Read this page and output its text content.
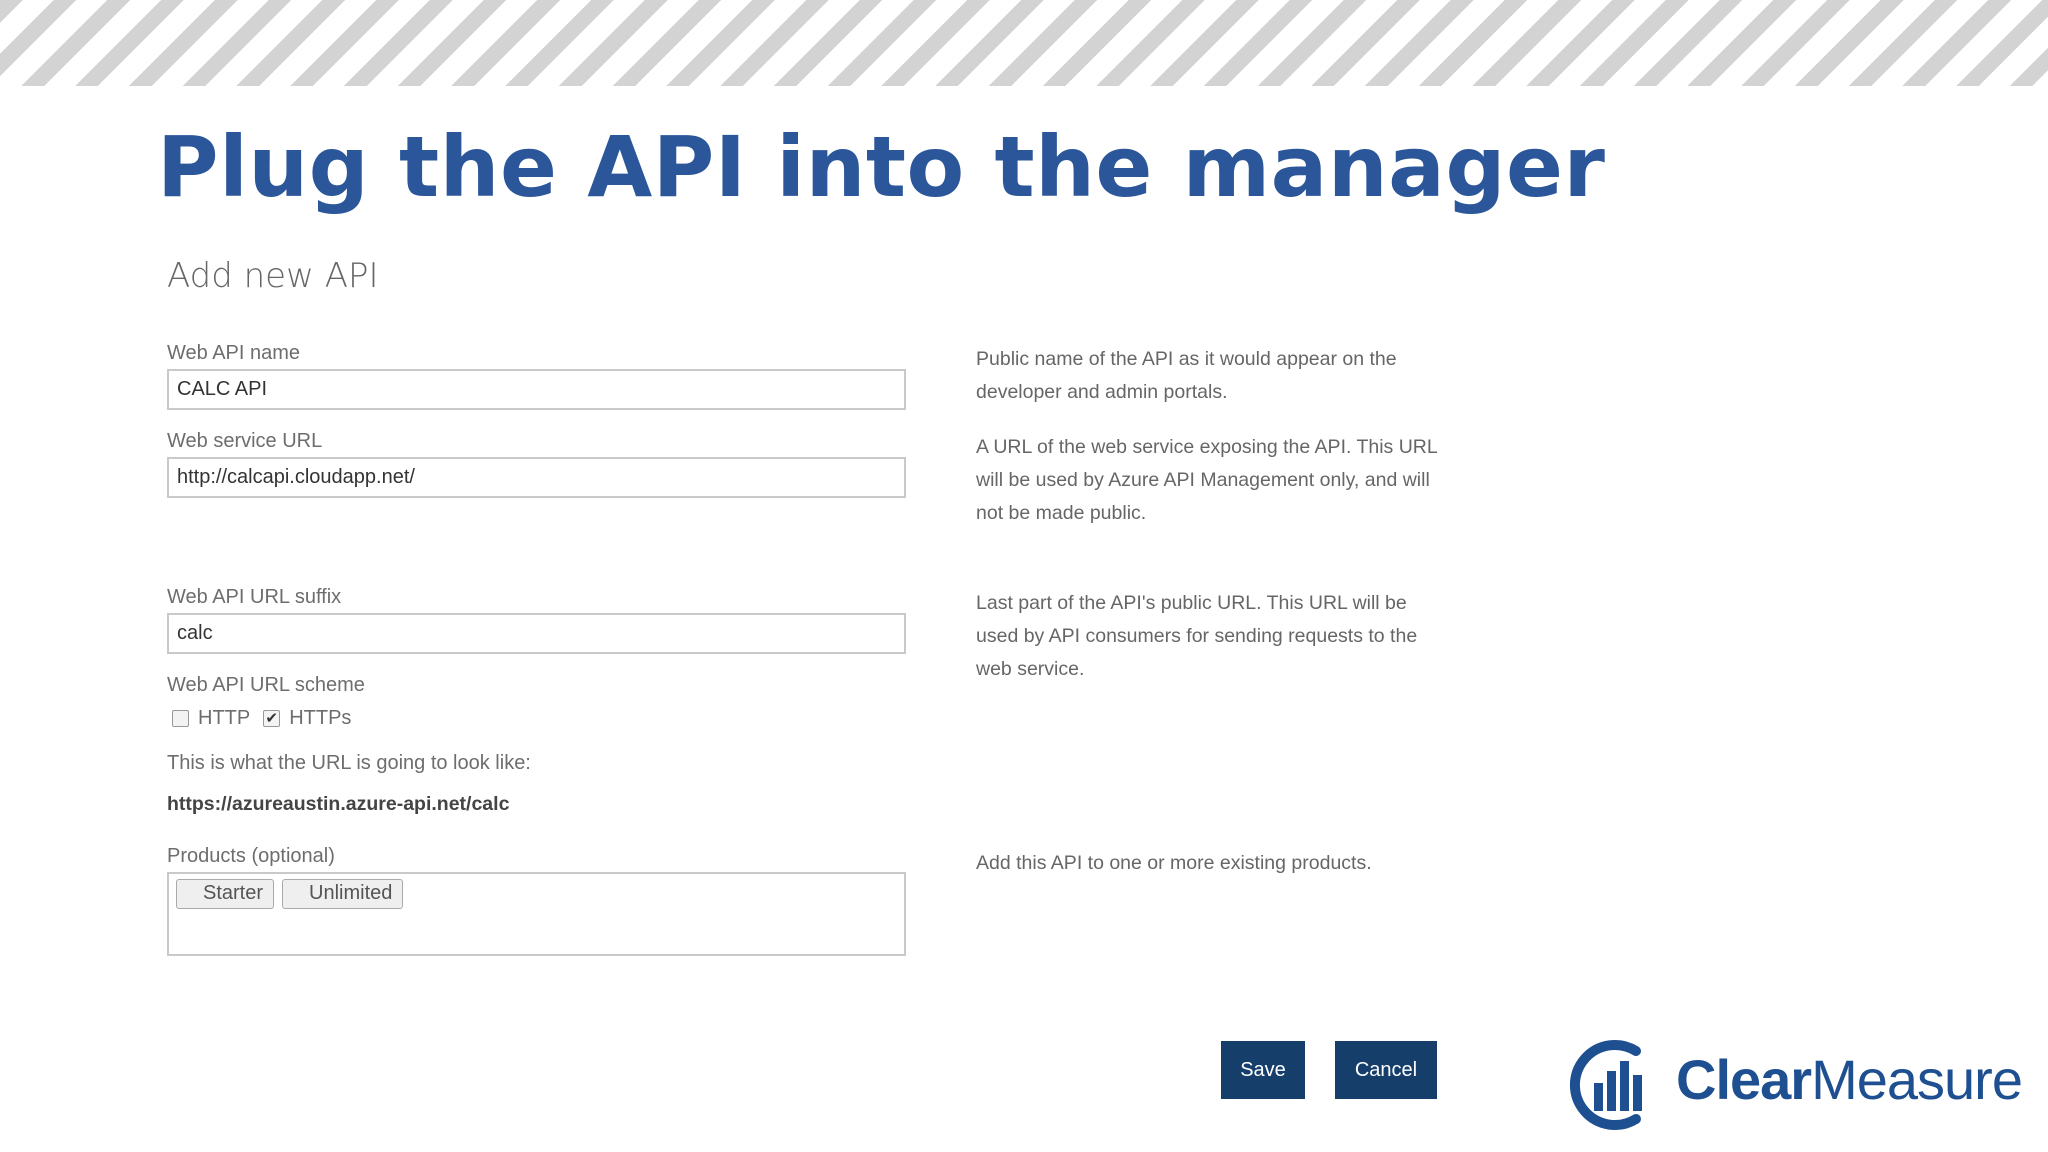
Plug the API into the manager
Add new API
Web API name
CALC API	Public name of the API as it would appear on the developer and admin portals.
Web service URL
http://calcapi.cloudapp.net/	A URL of the web service exposing the API. This URL will be used by Azure API Management only, and will not be made public.
Web API URL suffix
calc	Last part of the API's public URL. This URL will be used by API consumers for sending requests to the web service.
Web API URL scheme
HTTP ✔ HTTPs
This is what the URL is going to look like:
https://azureaustin.azure-api.net/calc
Products (optional)
Starter	Unlimited
Add this API to one or more existing products.
Save	Cancel	ClearMeasure
